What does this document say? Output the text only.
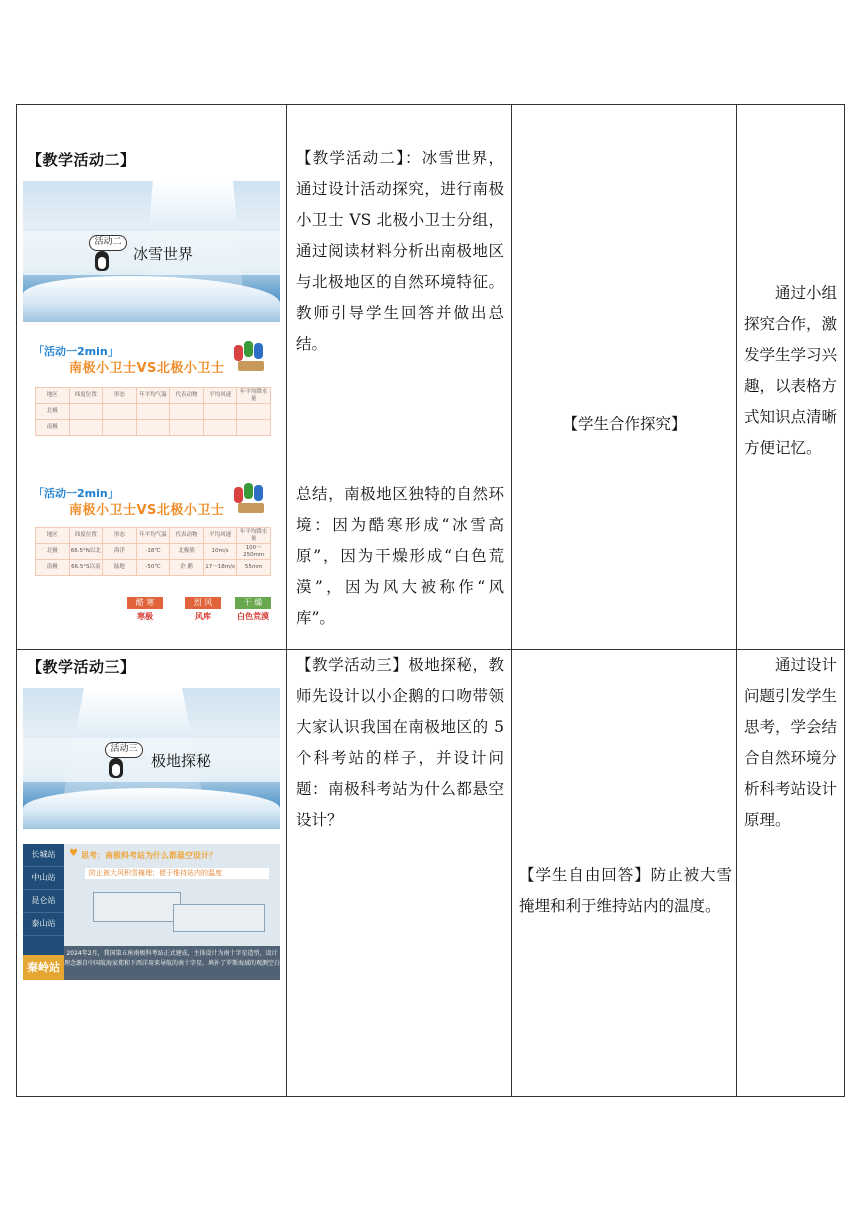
【教学活动二】
活动二
冰雪世界
「活动一2min」
南极小卫士VS北极小卫士
地区	纬度位置	形态	年平均气温	代表动物	平均风速	年平均降水量
北极						
南极						
「活动一2min」
南极小卫士VS北极小卫士
地区	纬度位置	形态	年平均气温	代表动物	平均风速	年平均降水量
北极	66.5°N以北	海洋	-18℃	北极熊	10m/s	100～250mm
南极	66.5°S以南	陆地	-50℃	企 鹅	17～18m/s	55mm
酷 寒	烈 风	干 燥
寒极	风库	白色荒漠

【教学活动二】：冰雪世界，通过设计活动探究，进行南极小卫士 VS 北极小卫士分组，通过阅读材料分析出南极地区与北极地区的自然环境特征。教师引导学生回答并做出总结。
总结，南极地区独特的自然环境：因为酷寒形成“冰雪高原”，因为干燥形成“白色荒漠”，因为风大被称作“风库”。

【学生合作探究】

通过小组探究合作，激发学生学习兴趣，以表格方式知识点清晰方便记忆。

【教学活动三】
活动三
极地探秘
长城站
中山站
昆仑站
泰山站
秦岭站
♥ 思考：南极科考站为什么都悬空设计？
防止被大风积雪掩埋；便于维持站内的温度
2024年2月，我国第五座南极科考站正式建成，主体设计为南十字星造型，设计理念源自中国航海家郑和下西洋用来导航的南十字星。填补了罗斯海域的观测空白

【教学活动三】极地探秘，教师先设计以小企鹅的口吻带领大家认识我国在南极地区的 5 个科考站的样子，并设计问题：南极科考站为什么都悬空设计？

【学生自由回答】防止被大雪掩埋和利于维持站内的温度。

通过设计问题引发学生思考，学会结合自然环境分析科考站设计原理。
